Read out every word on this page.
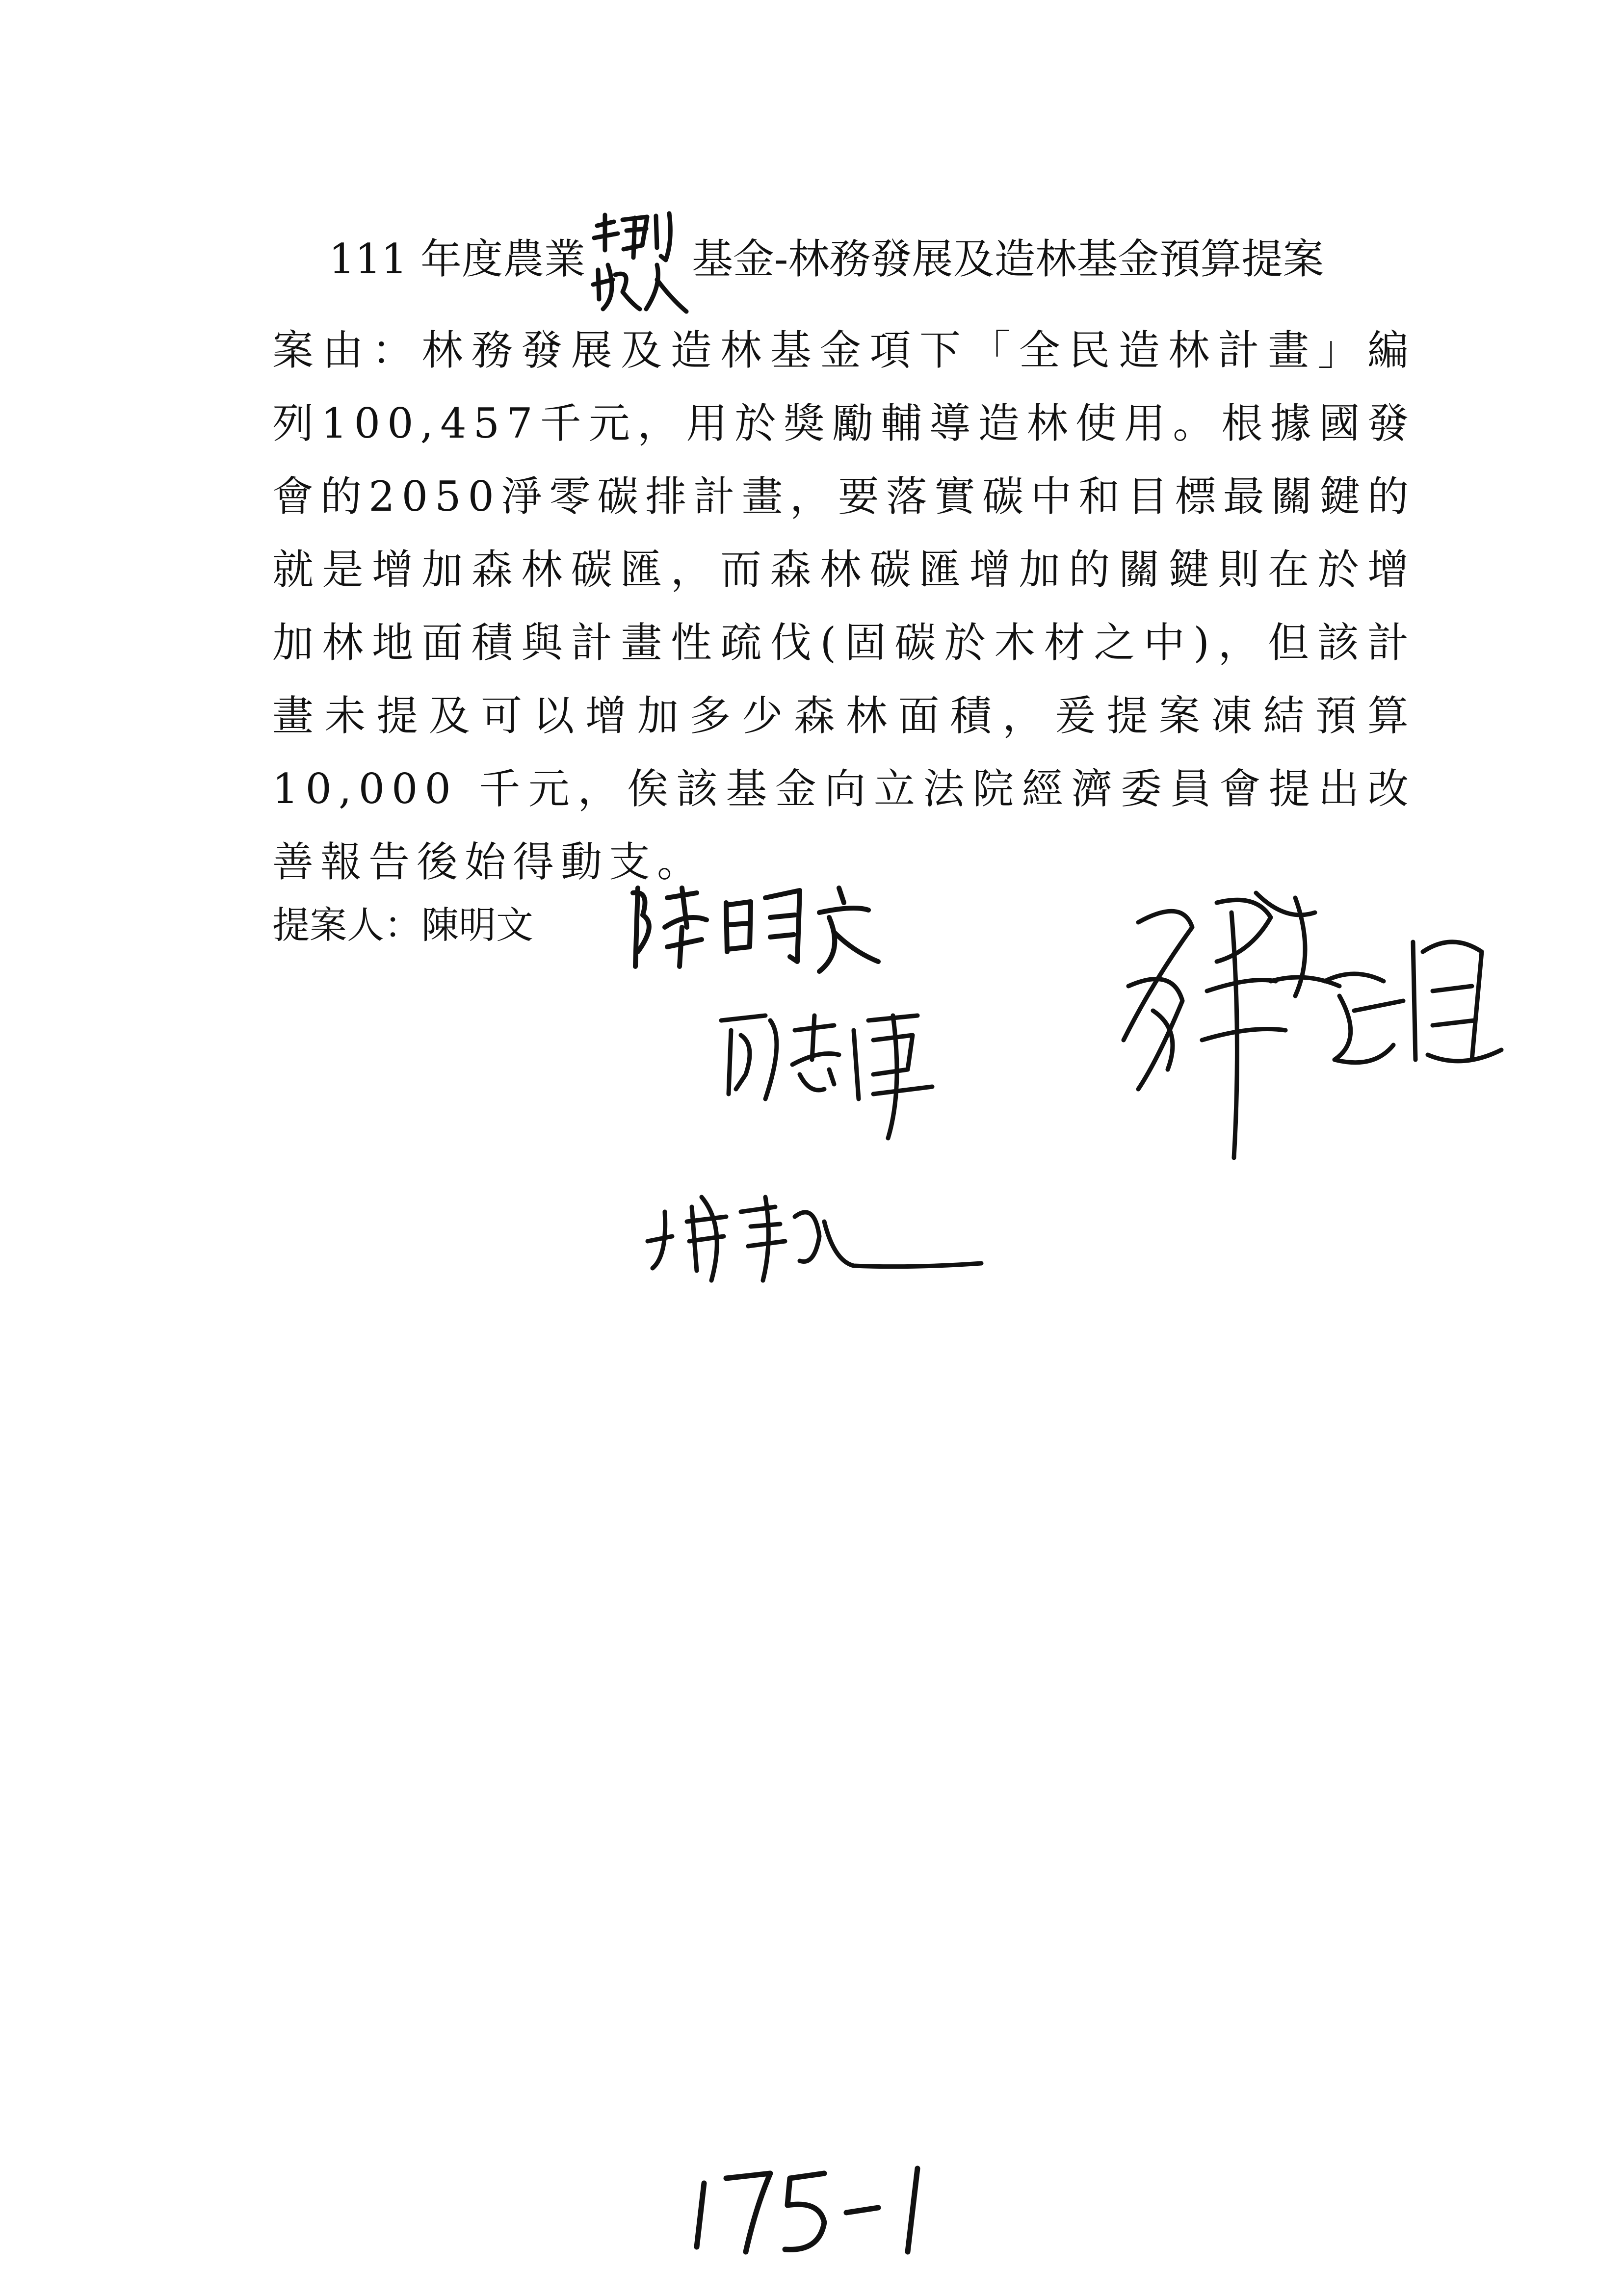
111 年度農業	基金-林務發展及造林基金預算提案

案由：林務發展及造林基金項下「全民造林計畫」編列100,457千元，用於獎勵輔導造林使用。根據國發會的2050淨零碳排計畫，要落實碳中和目標最關鍵的就是增加森林碳匯，而森林碳匯增加的關鍵則在於增加林地面積與計畫性疏伐(固碳於木材之中)，但該計畫未提及可以增加多少森林面積，爰提案凍結預算 10,000 千元，俟該基金向立法院經濟委員會提出改善報告後始得動支。

提案人：陳明文
175-1
